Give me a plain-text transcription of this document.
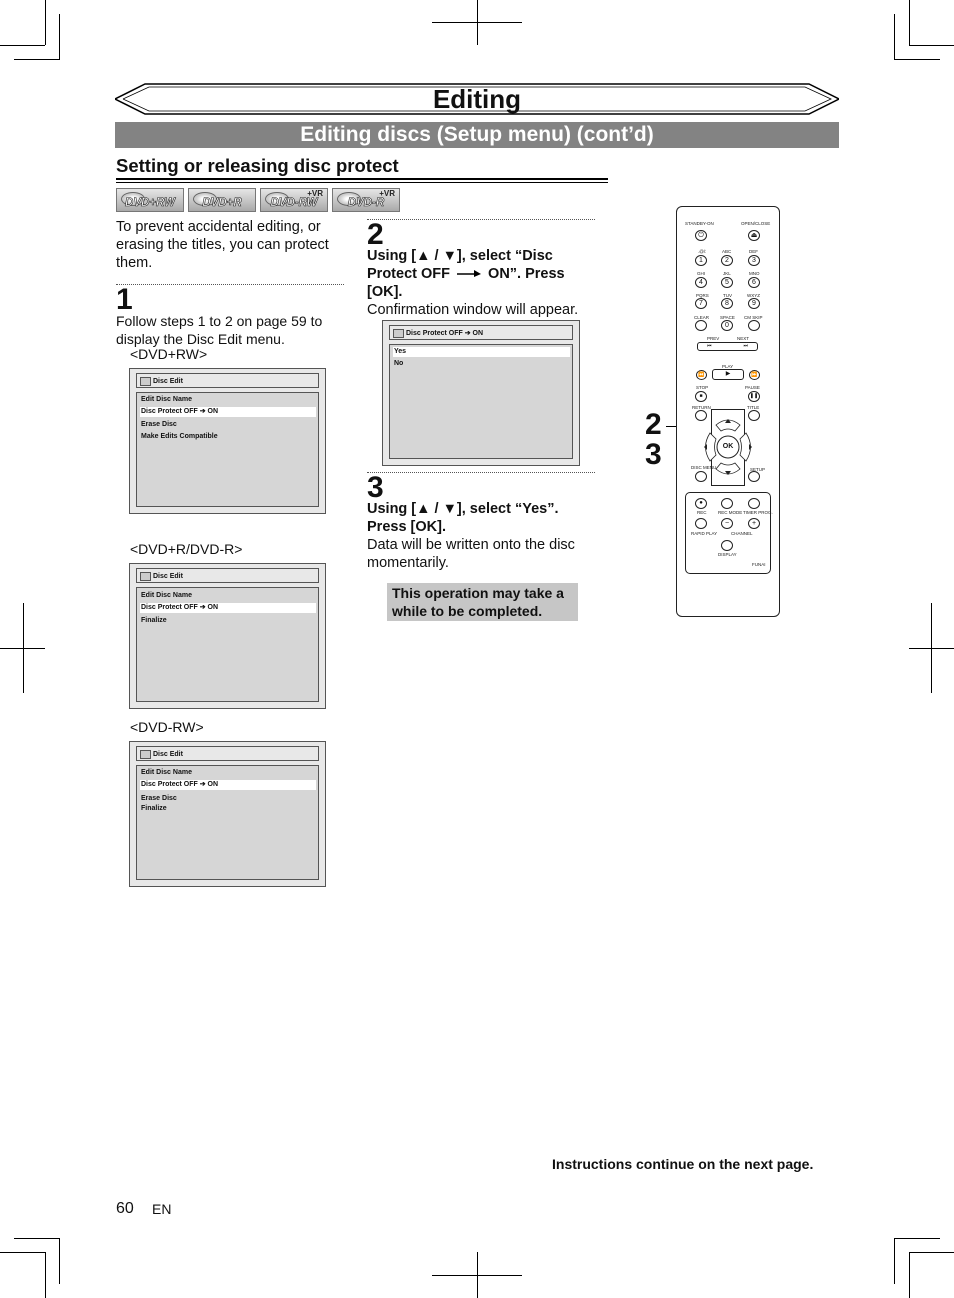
Editing
Editing discs (Setup menu) (cont’d)
Setting or releasing disc protect
DVD+RW	DVD+R
+VR
DVD-RW
+VR
DVD-R
To prevent accidental editing, or erasing the titles, you can protect them.
1
Follow steps 1 to 2 on page 59 to display the Disc Edit menu.
<DVD+RW>
Disc Edit
Edit Disc Name
Disc Protect OFF ➔ ON
Erase Disc
Make Edits Compatible
<DVD+R/DVD-R>
Disc Edit
Edit Disc Name
Disc Protect OFF ➔ ON
Finalize
<DVD-RW>
Disc Edit
Edit Disc Name
Disc Protect OFF ➔ ON
Erase Disc
Finalize
2
Using [▲ / ▼], select “Disc
Protect OFF	ON”. Press
[OK].
Confirmation window will appear.
Disc Protect OFF ➔ ON
Yes
No
3
Using [▲ / ▼], select “Yes”.
Press [OK].
Data will be written onto the disc momentarily.
This operation may take a while to be completed.
2
3
STANDBY-ON	OPEN/CLOSE
⏻	⏏
.@/:	ABC	DEF
1	2	3
GHI	JKL	MNO
4	5	6
PQRS	TUV	WXYZ
7	8	9
CLEAR SPACE CM SKIP
0
PREV	NEXT
⏮	⏭
PLAY
⏪	▶	⏩
STOP	PAUSE
■	❚❚
RETURN	TITLE
OK
DISC MENU	SETUP
●
REC	REC MODE TIMER PROG.
−	+
RAPID PLAY	CHANNEL
DISPLAY
FUNAI
Instructions continue on the next page.
60 EN
